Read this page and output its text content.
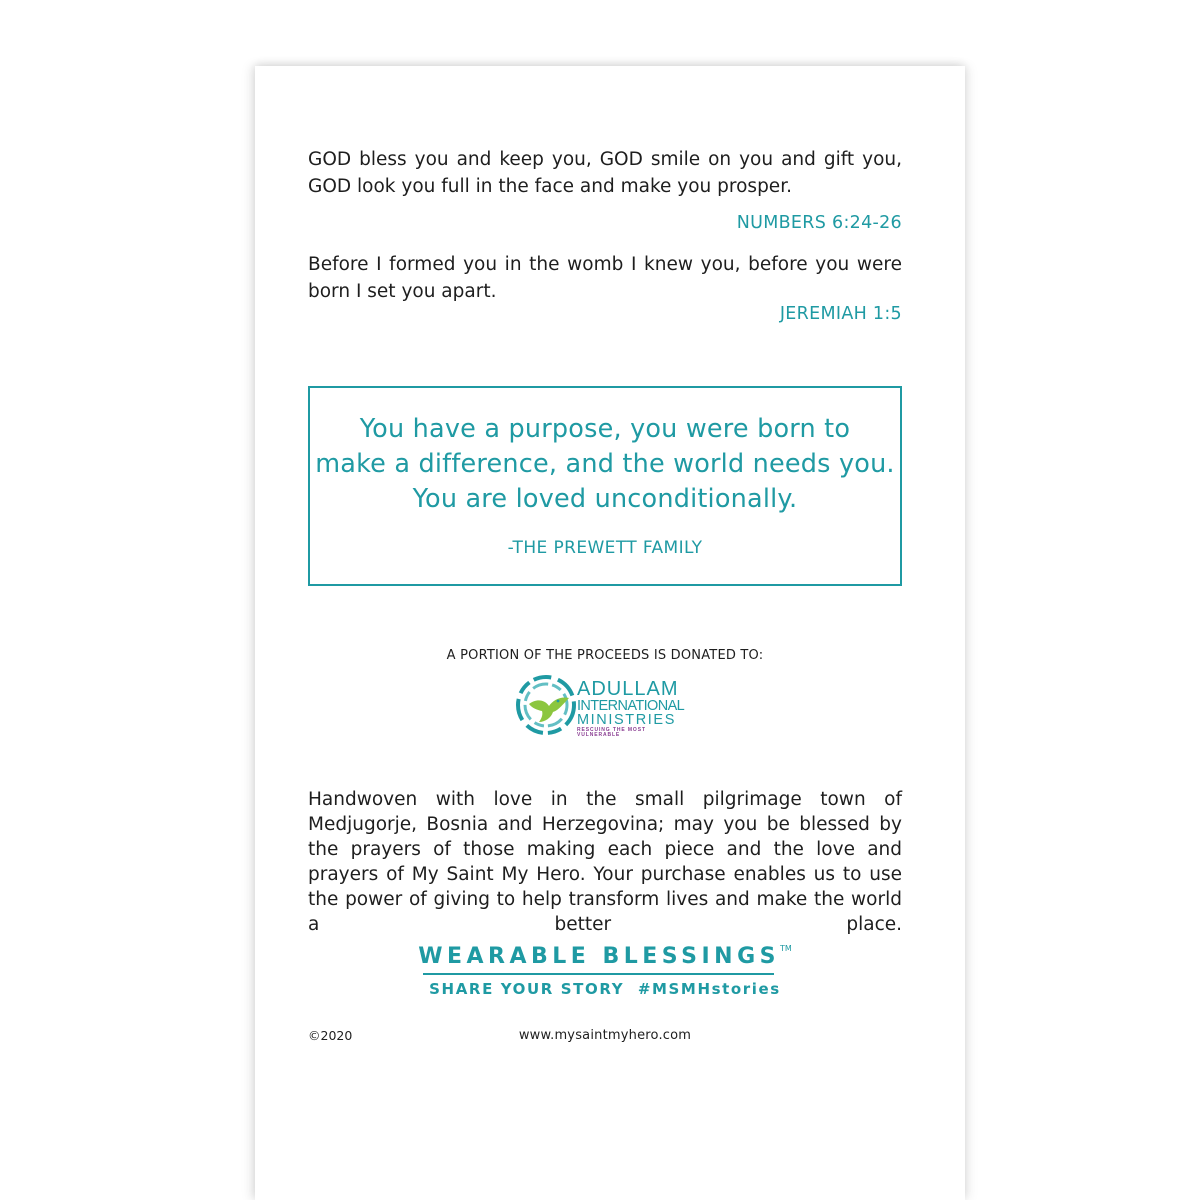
GOD bless you and keep you, GOD smile on you and gift you, GOD look you full in the face and make you prosper.
NUMBERS 6:24-26
Before I formed you in the womb I knew you, before you were born I set you apart.
JEREMIAH 1:5
You have a purpose, you were born to
make a difference, and the world needs you.
You are loved unconditionally.
-THE PREWETT FAMILY
A PORTION OF THE PROCEEDS IS DONATED TO:
ADULLAM
INTERNATIONAL
MINISTRIES
RESCUING THE MOST VULNERABLE
Handwoven with love in the small pilgrimage town of Medjugorje, Bosnia and Herzegovina; may you be blessed by the prayers of those making each piece and the love and prayers of My Saint My Hero. Your purchase enables us to use the power of giving to help transform lives and make the world a better place.
WEARABLE BLESSINGS™
SHARE YOUR STORY #MSMHstories
©2020	www.mysaintmyhero.com
